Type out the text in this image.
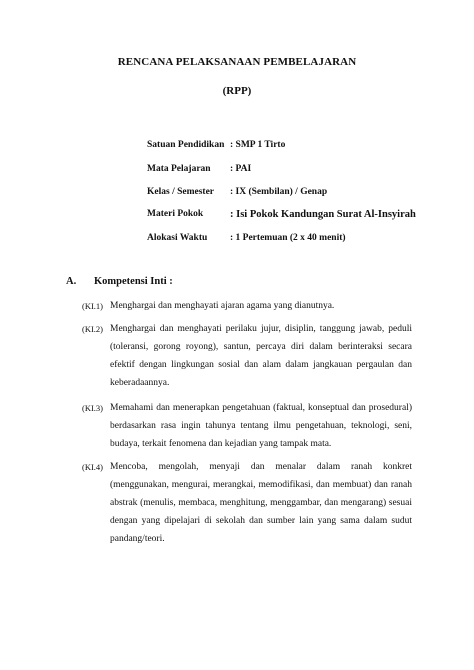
RENCANA PELAKSANAAN PEMBELAJARAN
(RPP)
Satuan Pendidikan : SMP 1 Tirto
Mata Pelajaran : PAI
Kelas / Semester : IX (Sembilan) / Genap
Materi Pokok	: Isi Pokok Kandungan Surat Al-Insyirah
Alokasi Waktu : 1 Pertemuan (2 x 40 menit)
A. Kompetensi Inti :
(KI.1) Menghargai dan menghayati ajaran agama yang dianutnya.
(KI.2) Menghargai dan menghayati perilaku jujur, disiplin, tanggung jawab, peduli (toleransi, gorong royong), santun, percaya diri dalam berinteraksi secara efektif dengan lingkungan sosial dan alam dalam jangkauan pergaulan dan keberadaannya.
(KI.3) Memahami dan menerapkan pengetahuan (faktual, konseptual dan prosedural) berdasarkan rasa ingin tahunya tentang ilmu pengetahuan, teknologi, seni, budaya, terkait fenomena dan kejadian yang tampak mata.
(KI.4) Mencoba, mengolah, menyaji dan menalar dalam ranah konkret (menggunakan, mengurai, merangkai, memodifikasi, dan membuat) dan ranah abstrak (menulis, membaca, menghitung, menggambar, dan mengarang) sesuai dengan yang dipelajari di sekolah dan sumber lain yang sama dalam sudut pandang/teori.
